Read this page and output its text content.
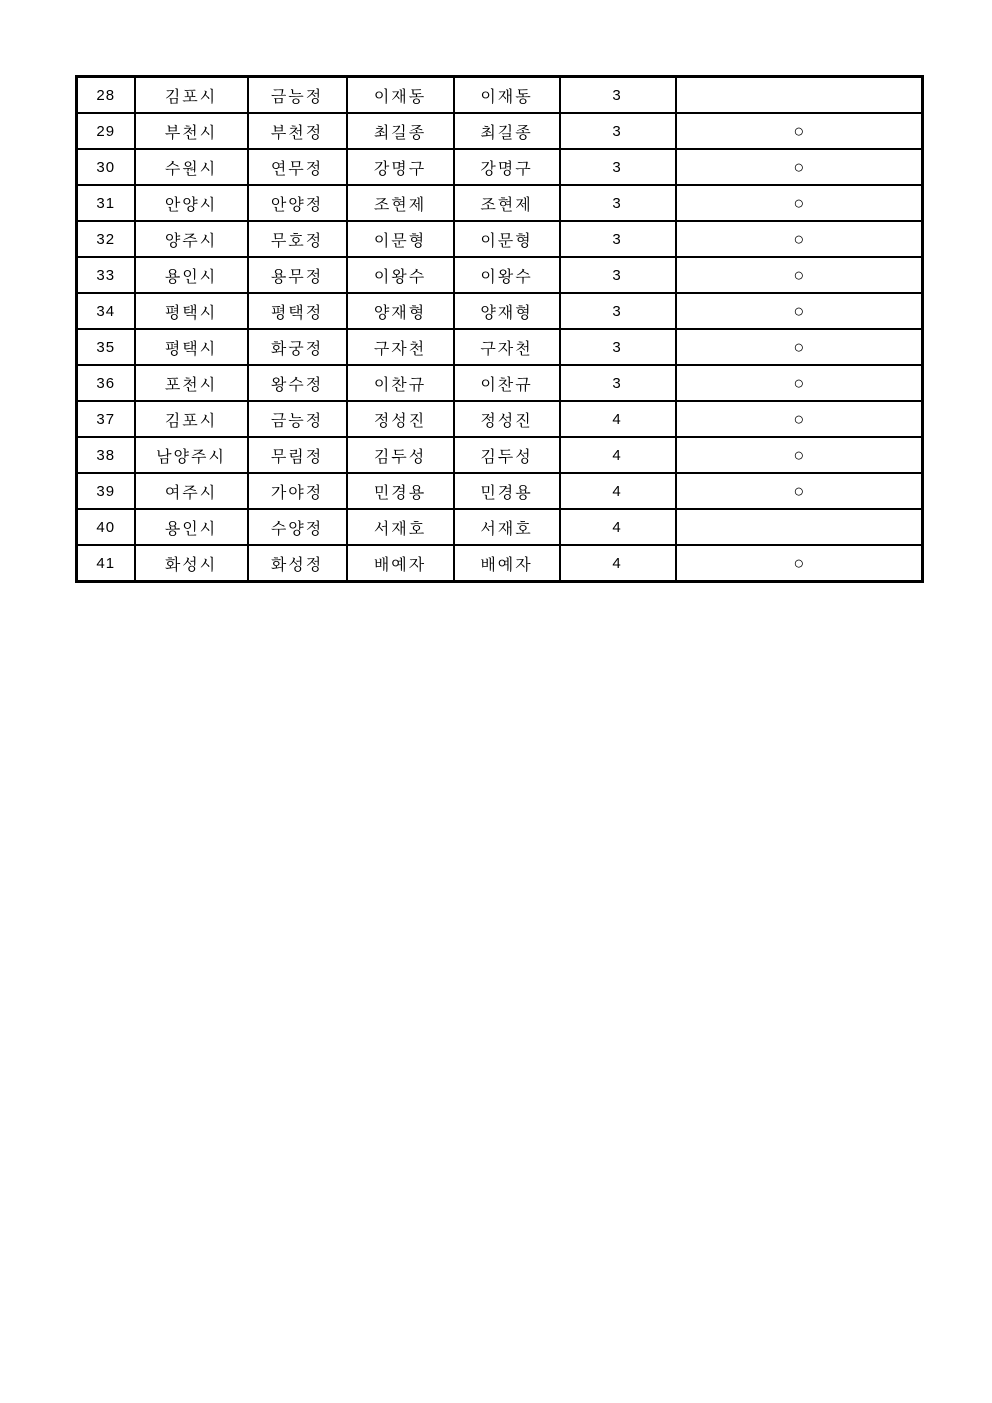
28	김포시	금능정	이재동	이재동	3	
29	부천시	부천정	최길종	최길종	3	○
30	수원시	연무정	강명구	강명구	3	○
31	안양시	안양정	조현제	조현제	3	○
32	양주시	무호정	이문형	이문형	3	○
33	용인시	용무정	이왕수	이왕수	3	○
34	평택시	평택정	양재형	양재형	3	○
35	평택시	화궁정	구자천	구자천	3	○
36	포천시	왕수정	이찬규	이찬규	3	○
37	김포시	금능정	정성진	정성진	4	○
38	남양주시	무림정	김두성	김두성	4	○
39	여주시	가야정	민경용	민경용	4	○
40	용인시	수양정	서재호	서재호	4	
41	화성시	화성정	배예자	배예자	4	○
